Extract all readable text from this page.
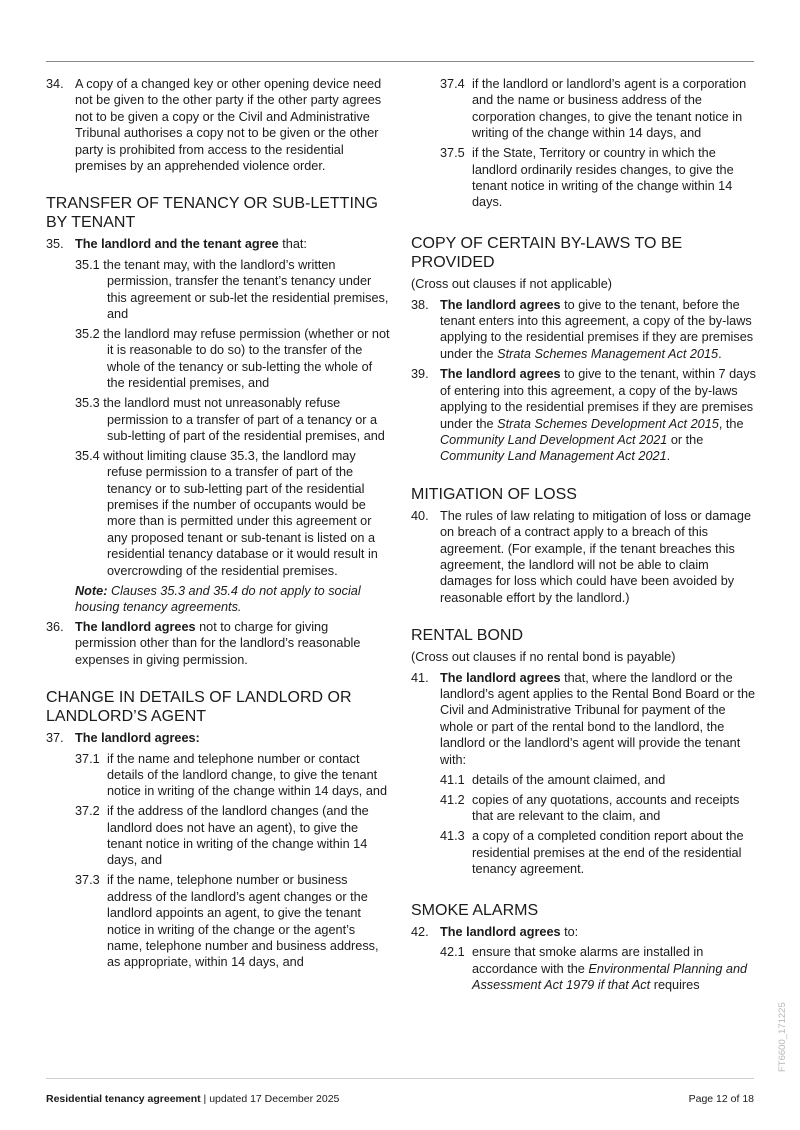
34. A copy of a changed key or other opening device need not be given to the other party if the other party agrees not to be given a copy or the Civil and Administrative Tribunal authorises a copy not to be given or the other party is prohibited from access to the residential premises by an apprehended violence order.
TRANSFER OF TENANCY OR SUB-LETTING BY TENANT
35. The landlord and the tenant agree that:
35.1 the tenant may, with the landlord’s written permission, transfer the tenant’s tenancy under this agreement or sub-let the residential premises, and
35.2 the landlord may refuse permission (whether or not it is reasonable to do so) to the transfer of the whole of the tenancy or sub-letting the whole of the residential premises, and
35.3 the landlord must not unreasonably refuse permission to a transfer of part of a tenancy or a sub-letting of part of the residential premises, and
35.4 without limiting clause 35.3, the landlord may refuse permission to a transfer of part of the tenancy or to sub-letting part of the residential premises if the number of occupants would be more than is permitted under this agreement or any proposed tenant or sub-tenant is listed on a residential tenancy database or it would result in overcrowding of the residential premises.
Note: Clauses 35.3 and 35.4 do not apply to social housing tenancy agreements.
36. The landlord agrees not to charge for giving permission other than for the landlord’s reasonable expenses in giving permission.
CHANGE IN DETAILS OF LANDLORD OR LANDLORD’S AGENT
37. The landlord agrees:
37.1 if the name and telephone number or contact details of the landlord change, to give the tenant notice in writing of the change within 14 days, and
37.2 if the address of the landlord changes (and the landlord does not have an agent), to give the tenant notice in writing of the change within 14 days, and
37.3 if the name, telephone number or business address of the landlord’s agent changes or the landlord appoints an agent, to give the tenant notice in writing of the change or the agent’s name, telephone number and business address, as appropriate, within 14 days, and
37.4 if the landlord or landlord’s agent is a corporation and the name or business address of the corporation changes, to give the tenant notice in writing of the change within 14 days, and
37.5 if the State, Territory or country in which the landlord ordinarily resides changes, to give the tenant notice in writing of the change within 14 days.
COPY OF CERTAIN BY-LAWS TO BE PROVIDED

(Cross out clauses if not applicable)

38. The landlord agrees to give to the tenant, before the tenant enters into this agreement, a copy of the by-laws applying to the residential premises if they are premises under the Strata Schemes Management Act 2015.
39. The landlord agrees to give to the tenant, within 7 days of entering into this agreement, a copy of the by-laws applying to the residential premises if they are premises under the Strata Schemes Development Act 2015, the Community Land Development Act 2021 or the Community Land Management Act 2021.
MITIGATION OF LOSS
40. The rules of law relating to mitigation of loss or damage on breach of a contract apply to a breach of this agreement. (For example, if the tenant breaches this agreement, the landlord will not be able to claim damages for loss which could have been avoided by reasonable effort by the landlord.)
RENTAL BOND

(Cross out clauses if no rental bond is payable)

41. The landlord agrees that, where the landlord or the landlord’s agent applies to the Rental Bond Board or the Civil and Administrative Tribunal for payment of the whole or part of the rental bond to the landlord, the landlord or the landlord’s agent will provide the tenant with:
41.1 details of the amount claimed, and
41.2 copies of any quotations, accounts and receipts that are relevant to the claim, and
41.3 a copy of a completed condition report about the residential premises at the end of the residential tenancy agreement.
SMOKE ALARMS
42. The landlord agrees to:
42.1 ensure that smoke alarms are installed in accordance with the Environmental Planning and Assessment Act 1979 if that Act requires
Residential tenancy agreement | updated 17 December 2025	Page 12 of 18
FT6600_171225
